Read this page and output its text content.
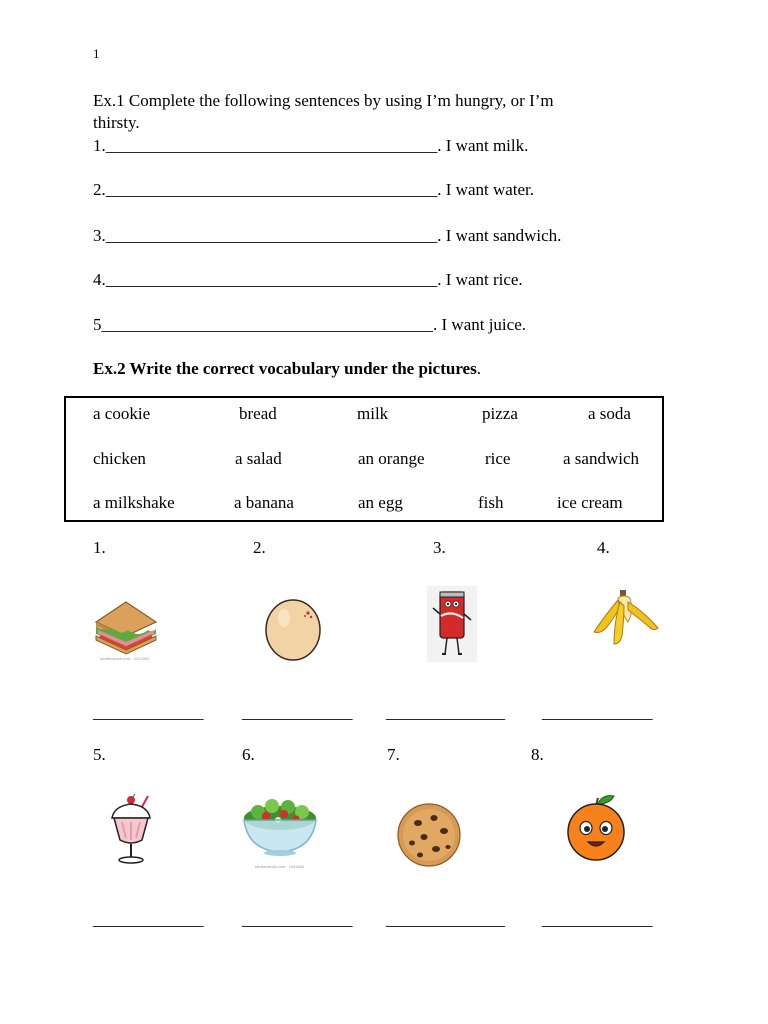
1
Ex.1 Complete the following sentences by using I’m hungry, or I’m
thirsty.
1._______________________________________. I want milk.
2._______________________________________. I want water.
3._______________________________________. I want sandwich.
4._______________________________________. I want rice.
5_______________________________________. I want juice.
Ex.2 Write the correct vocabulary under the pictures.
a cookie	bread	milk	pizza	a soda
chicken	a salad	an orange	rice	a sandwich
a milkshake	a banana	an egg	fish	ice cream
1.	2.	3.	4.
shutterstock.com · 2207852
_____________ _____________ ______________ _____________
5.	6.	7.	8.
shutterstock.com · 1064284
_____________ _____________ ______________ _____________
